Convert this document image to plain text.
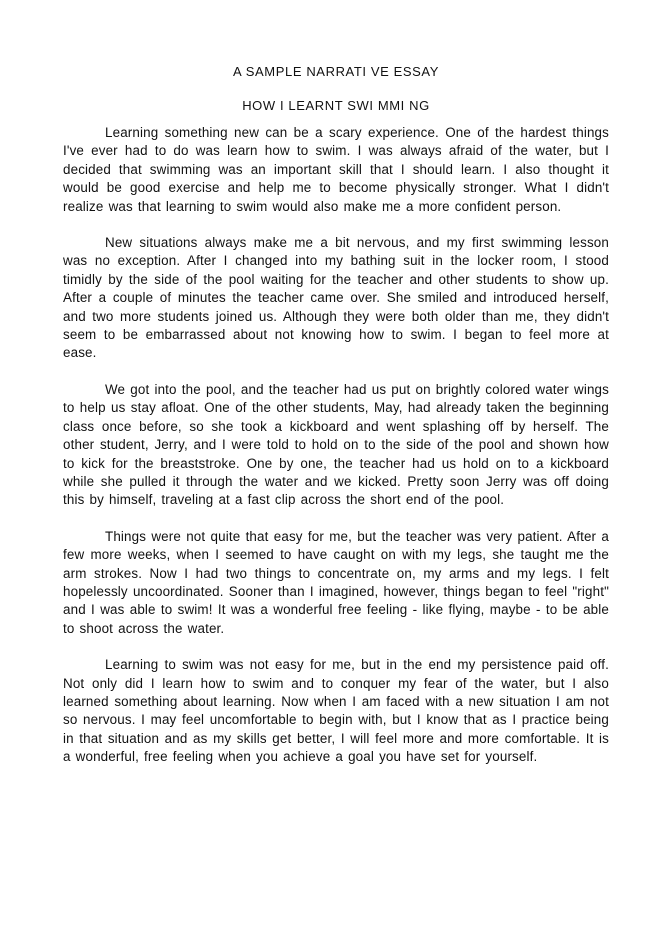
A SAMPLE NARRATI VE ESSAY
HOW I LEARNT SWI MMI NG

Learning something new can be a scary experience. One of the hardest things I've ever had to do was learn how to swim. I was always afraid of the water, but I decided that swimming was an important skill that I should learn. I also thought it would be good exercise and help me to become physically stronger. What I didn't realize was that learning to swim would also make me a more confident person.

New situations always make me a bit nervous, and my first swimming lesson was no exception. After I changed into my bathing suit in the locker room, I stood timidly by the side of the pool waiting for the teacher and other students to show up. After a couple of minutes the teacher came over. She smiled and introduced herself, and two more students joined us. Although they were both older than me, they didn't seem to be embarrassed about not knowing how to swim. I began to feel more at ease.

We got into the pool, and the teacher had us put on brightly colored water wings to help us stay afloat. One of the other students, May, had already taken the beginning class once before, so she took a kickboard and went splashing off by herself. The other student, Jerry, and I were told to hold on to the side of the pool and shown how to kick for the breaststroke. One by one, the teacher had us hold on to a kickboard while she pulled it through the water and we kicked. Pretty soon Jerry was off doing this by himself, traveling at a fast clip across the short end of the pool.

Things were not quite that easy for me, but the teacher was very patient. After a few more weeks, when I seemed to have caught on with my legs, she taught me the arm strokes. Now I had two things to concentrate on, my arms and my legs. I felt hopelessly uncoordinated. Sooner than I imagined, however, things began to feel "right" and I was able to swim! It was a wonderful free feeling - like flying, maybe - to be able to shoot across the water.

Learning to swim was not easy for me, but in the end my persistence paid off. Not only did I learn how to swim and to conquer my fear of the water, but I also learned something about learning. Now when I am faced with a new situation I am not so nervous. I may feel uncomfortable to begin with, but I know that as I practice being in that situation and as my skills get better, I will feel more and more comfortable. It is a wonderful, free feeling when you achieve a goal you have set for yourself.
